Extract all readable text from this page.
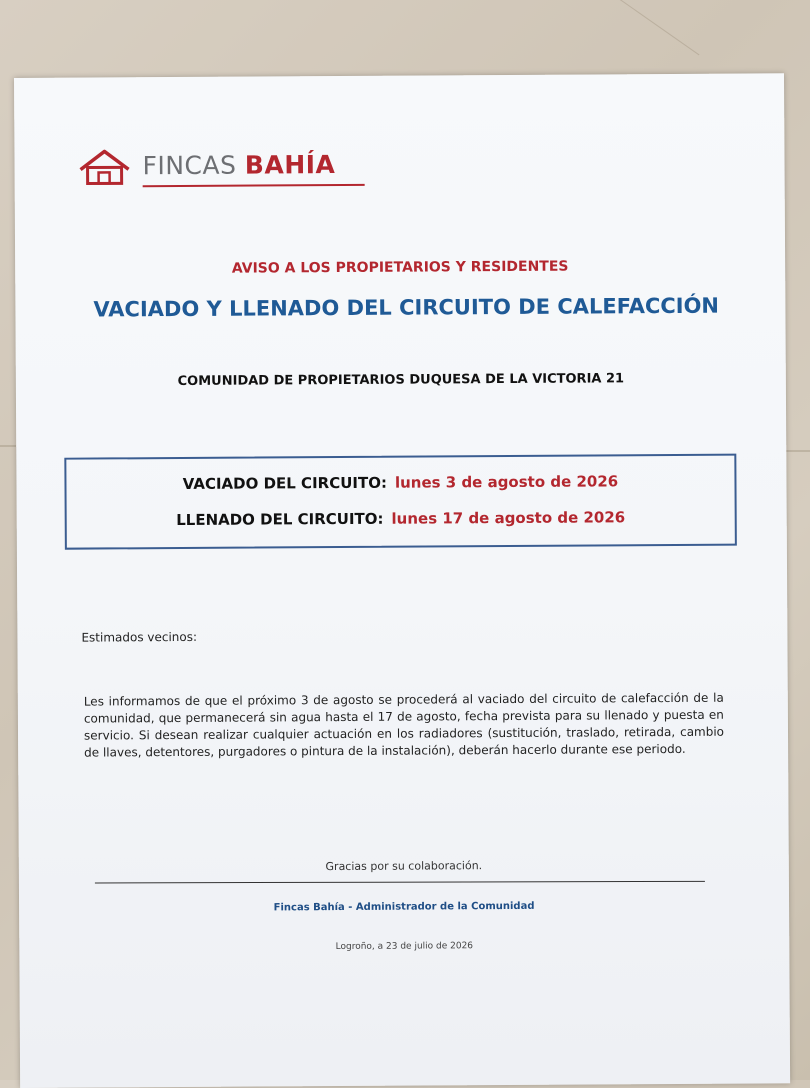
FINCAS BAHÍA
AVISO A LOS PROPIETARIOS Y RESIDENTES
VACIADO Y LLENADO DEL CIRCUITO DE CALEFACCIÓN
COMUNIDAD DE PROPIETARIOS DUQUESA DE LA VICTORIA 21
VACIADO DEL CIRCUITO: lunes 3 de agosto de 2026
LLENADO DEL CIRCUITO: lunes 17 de agosto de 2026
Estimados vecinos:
Les informamos de que el próximo 3 de agosto se procederá al vaciado del circuito de calefacción de la comunidad, que permanecerá sin agua hasta el 17 de agosto, fecha prevista para su llenado y puesta en servicio. Si desean realizar cualquier actuación en los radiadores (sustitución, traslado, retirada, cambio de llaves, detentores, purgadores o pintura de la instalación), deberán hacerlo durante ese periodo.
Gracias por su colaboración.
Fincas Bahía - Administrador de la Comunidad
Logroño, a 23 de julio de 2026
